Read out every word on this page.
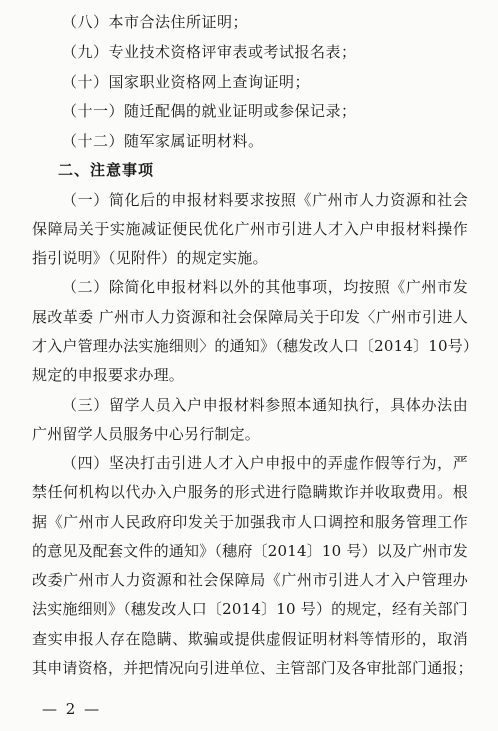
（八）本市合法住所证明；
（九）专业技术资格评审表或考试报名表；
（十）国家职业资格网上查询证明；
（十一）随迁配偶的就业证明或参保记录；
（十二）随军家属证明材料。
二、注意事项
（一）简化后的申报材料要求按照《广州市人力资源和社会
保障局关于实施减证便民优化广州市引进人才入户申报材料操作
指引说明》（见附件）的规定实施。
（二）除简化申报材料以外的其他事项，均按照《广州市发
展改革委 广州市人力资源和社会保障局关于印发〈广州市引进人
才入户管理办法实施细则〉的通知》（穗发改人口〔2014〕10号）
规定的申报要求办理。
（三）留学人员入户申报材料参照本通知执行，具体办法由
广州留学人员服务中心另行制定。
（四）坚决打击引进人才入户申报中的弄虚作假等行为，严
禁任何机构以代办入户服务的形式进行隐瞒欺诈并收取费用。根
据《广州市人民政府印发关于加强我市人口调控和服务管理工作
的意见及配套文件的通知》（穗府〔2014〕10 号）以及广州市发
改委广州市人力资源和社会保障局《广州市引进人才入户管理办
法实施细则》（穗发改人口〔2014〕10 号）的规定，经有关部门
查实申报人存在隐瞒、欺骗或提供虚假证明材料等情形的，取消
其申请资格，并把情况向引进单位、主管部门及各审批部门通报；
— 2 —
